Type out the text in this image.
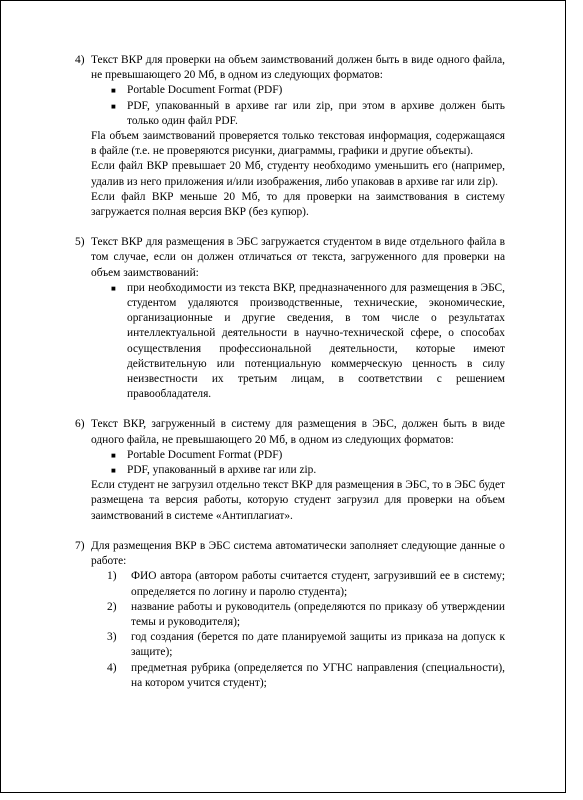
4) Текст ВКР для проверки на объем заимствований должен быть в виде одного файла, не превышающего 20 Мб, в одном из следующих форматов:

■ Portable Document Format (PDF)
■ PDF, упакованный в архиве rar или zip, при этом в архиве должен быть только один файл PDF.

Fla объем заимствований проверяется только текстовая информация, содержащаяся в файле (т.е. не проверяются рисунки, диаграммы, графики и другие объекты).

Если файл ВКР превышает 20 Мб, студенту необходимо уменьшить его (например, удалив из него приложения и/или изображения, либо упаковав в архиве rar или zip).

Если файл ВКР меньше 20 Мб, то для проверки на заимствования в систему загружается полная версия ВКР (без купюр).

5) Текст ВКР для размещения в ЭБС загружается студентом в виде отдельного файла в том случае, если он должен отличаться от текста, загруженного для проверки на объем заимствований:

■ при необходимости из текста ВКР, предназначенного для размещения в ЭБС, студентом удаляются производственные, технические, экономические, организационные и другие сведения, в том числе о результатах интеллектуальной деятельности в научно-технической сфере, о способах осуществления профессиональной деятельности, которые имеют действительную или потенциальную коммерческую ценность в силу неизвестности их третьим лицам, в соответствии с решением правообладателя.
6) Текст ВКР, загруженный в систему для размещения в ЭБС, должен быть в виде одного файла, не превышающего 20 Мб, в одном из следующих форматов:

■ Portable Document Format (PDF)
■ PDF, упакованный в архиве rar или zip.

Если студент не загрузил отдельно текст ВКР для размещения в ЭБС, то в ЭБС будет размещена та версия работы, которую студент загрузил для проверки на объем заимствований в системе «Антиплагиат».

7) Для размещения ВКР в ЭБС система автоматически заполняет следующие данные о работе:

1)	ФИО автора (автором работы считается студент, загрузивший ее в систему; определяется по логину и паролю студента);
2)	название работы и руководитель (определяются по приказу об утверждении темы и руководителя);
3)	год создания (берется по дате планируемой защиты из приказа на допуск к защите);
4)	предметная рубрика (определяется по УГНС направления (специальности), на котором учится студент);
